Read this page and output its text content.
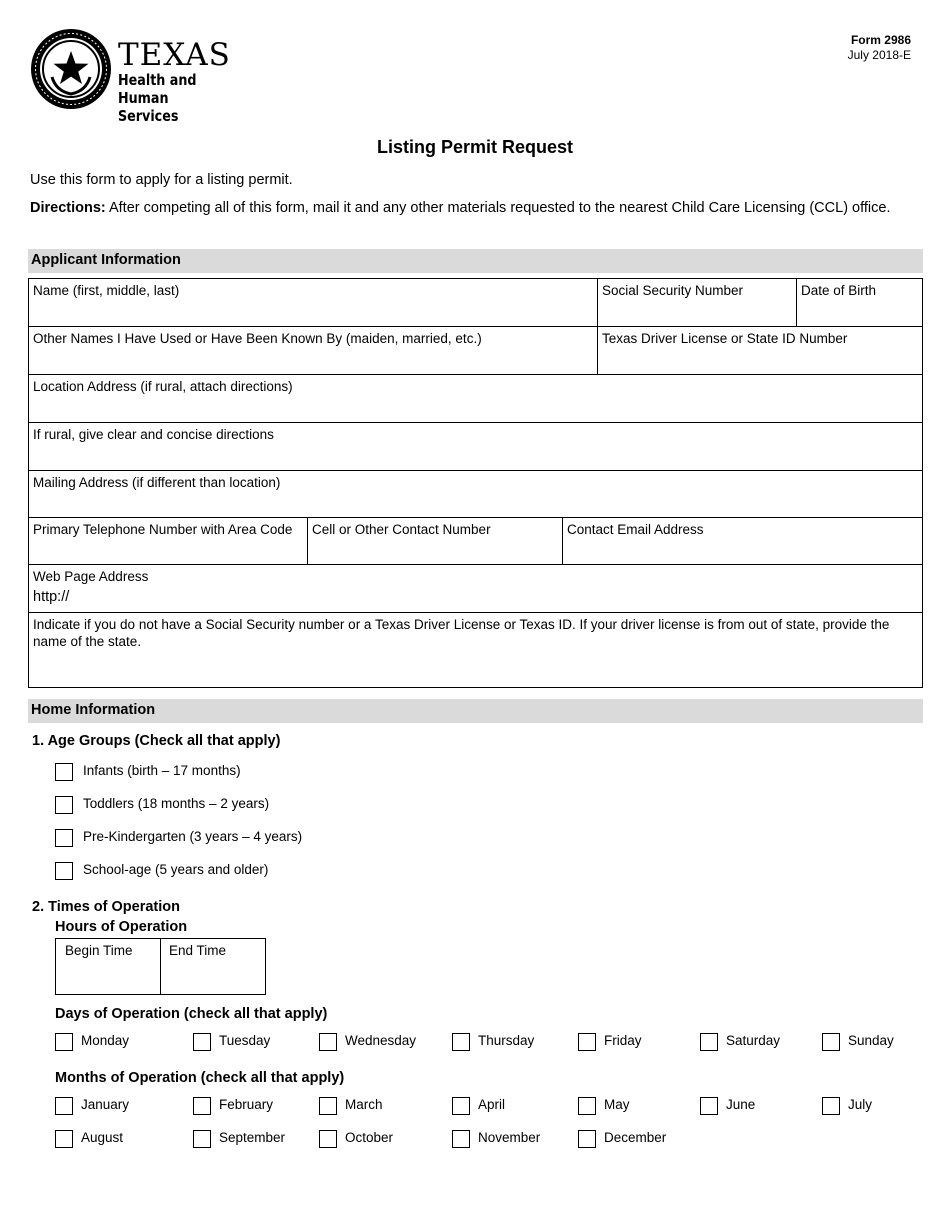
TEXAS
Health and Human
Services
Form 2986
July 2018-E
Listing Permit Request
Use this form to apply for a listing permit.
Directions: After competing all of this form, mail it and any other materials requested to the nearest Child Care Licensing (CCL) office.
Applicant Information
Name (first, middle, last)	Social Security Number	Date of Birth
Other Names I Have Used or Have Been Known By (maiden, married, etc.)	Texas Driver License or State ID Number
Location Address (if rural, attach directions)
If rural, give clear and concise directions
Mailing Address (if different than location)
Primary Telephone Number with Area Code	Cell or Other Contact Number	Contact Email Address
Web Page Address
http://
Indicate if you do not have a Social Security number or a Texas Driver License or Texas ID. If your driver license is from out of state, provide the name of the state.
Home Information
1. Age Groups (Check all that apply)
Infants (birth – 17 months)
Toddlers (18 months – 2 years)
Pre-Kindergarten (3 years – 4 years)
School-age (5 years and older)
2. Times of Operation
Hours of Operation
Begin Time	End Time
Days of Operation (check all that apply)
Monday	Tuesday	Wednesday	Thursday	Friday	Saturday	Sunday
Months of Operation (check all that apply)
January	February	March	April	May	June	July
August	September	October	November	December
